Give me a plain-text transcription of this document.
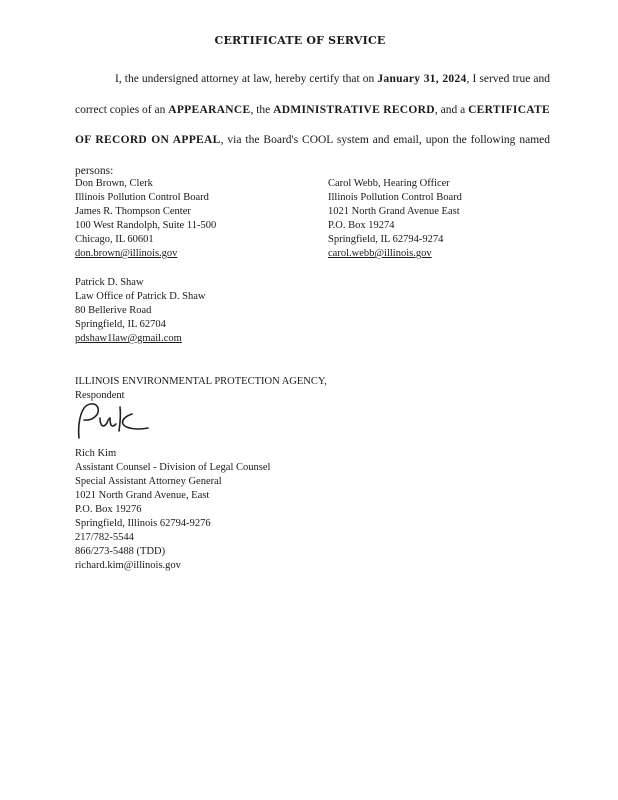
CERTIFICATE OF SERVICE
I, the undersigned attorney at law, hereby certify that on January 31, 2024, I served true and correct copies of an APPEARANCE, the ADMINISTRATIVE RECORD, and a CERTIFICATE OF RECORD ON APPEAL, via the Board's COOL system and email, upon the following named persons:
Don Brown, Clerk
Illinois Pollution Control Board
James R. Thompson Center
100 West Randolph, Suite 11-500
Chicago, IL 60601
don.brown@illinois.gov
Carol Webb, Hearing Officer
Illinois Pollution Control Board
1021 North Grand Avenue East
P.O. Box 19274
Springfield, IL 62794-9274
carol.webb@illinois.gov
Patrick D. Shaw
Law Office of Patrick D. Shaw
80 Bellerive Road
Springfield, IL 62704
pdshaw1law@gmail.com
ILLINOIS ENVIRONMENTAL PROTECTION AGENCY,
Respondent
Rich Kim
Assistant Counsel - Division of Legal Counsel
Special Assistant Attorney General
1021 North Grand Avenue, East
P.O. Box 19276
Springfield, Illinois 62794-9276
217/782-5544
866/273-5488 (TDD)
richard.kim@illinois.gov
